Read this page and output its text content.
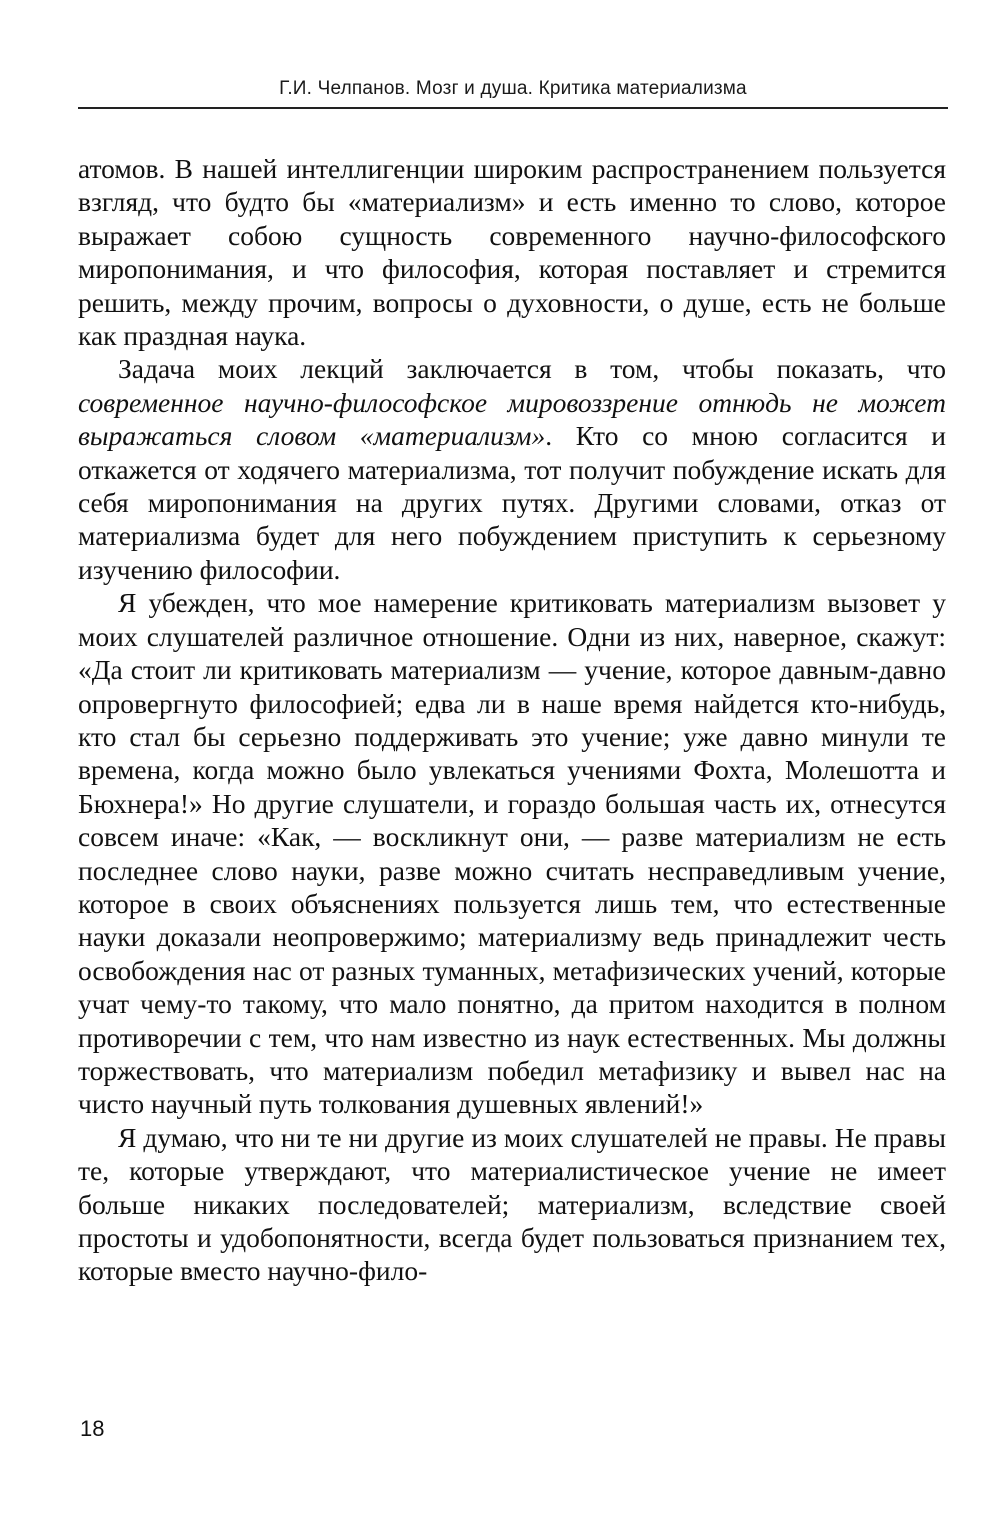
Г.И. Челпанов. Мозг и душа. Критика материализма

атомов. В нашей интеллигенции широким распространением пользуется взгляд, что будто бы «материализм» и есть именно то слово, которое выражает собою сущность современного научно-философского миропонимания, и что философия, которая поставляет и стремится решить, между прочим, вопросы о духовности, о душе, есть не больше как праздная наука.

Задача моих лекций заключается в том, чтобы показать, что современное научно-философское мировоззрение отнюдь не может выражаться словом «материализм». Кто со мною согласится и откажется от ходячего материализма, тот получит побуждение искать для себя миропонимания на других путях. Другими словами, отказ от материализма будет для него побуждением приступить к серьезному изучению философии.

Я убежден, что мое намерение критиковать материализм вызовет у моих слушателей различное отношение. Одни из них, наверное, скажут: «Да стоит ли критиковать материализм — учение, которое давным-давно опровергнуто философией; едва ли в наше время найдется кто-нибудь, кто стал бы серьезно поддерживать это учение; уже давно минули те времена, когда можно было увлекаться учениями Фохта, Молешотта и Бюхнера!» Но другие слушатели, и гораздо большая часть их, отнесутся совсем иначе: «Как, — воскликнут они, — разве материализм не есть последнее слово науки, разве можно считать несправедливым учение, которое в своих объяснениях пользуется лишь тем, что естественные науки доказали неопровержимо; материализму ведь принадлежит честь освобождения нас от разных туманных, метафизических учений, которые учат чему-то такому, что мало понятно, да притом находится в полном противоречии с тем, что нам известно из наук естественных. Мы должны торжествовать, что материализм победил метафизику и вывел нас на чисто научный путь толкования душевных явлений!»

Я думаю, что ни те ни другие из моих слушателей не правы. Не правы те, которые утверждают, что материалистическое учение не имеет больше никаких последователей; материализм, вследствие своей простоты и удобопонятности, всегда будет пользоваться признанием тех, которые вместо научно-фило-

18
